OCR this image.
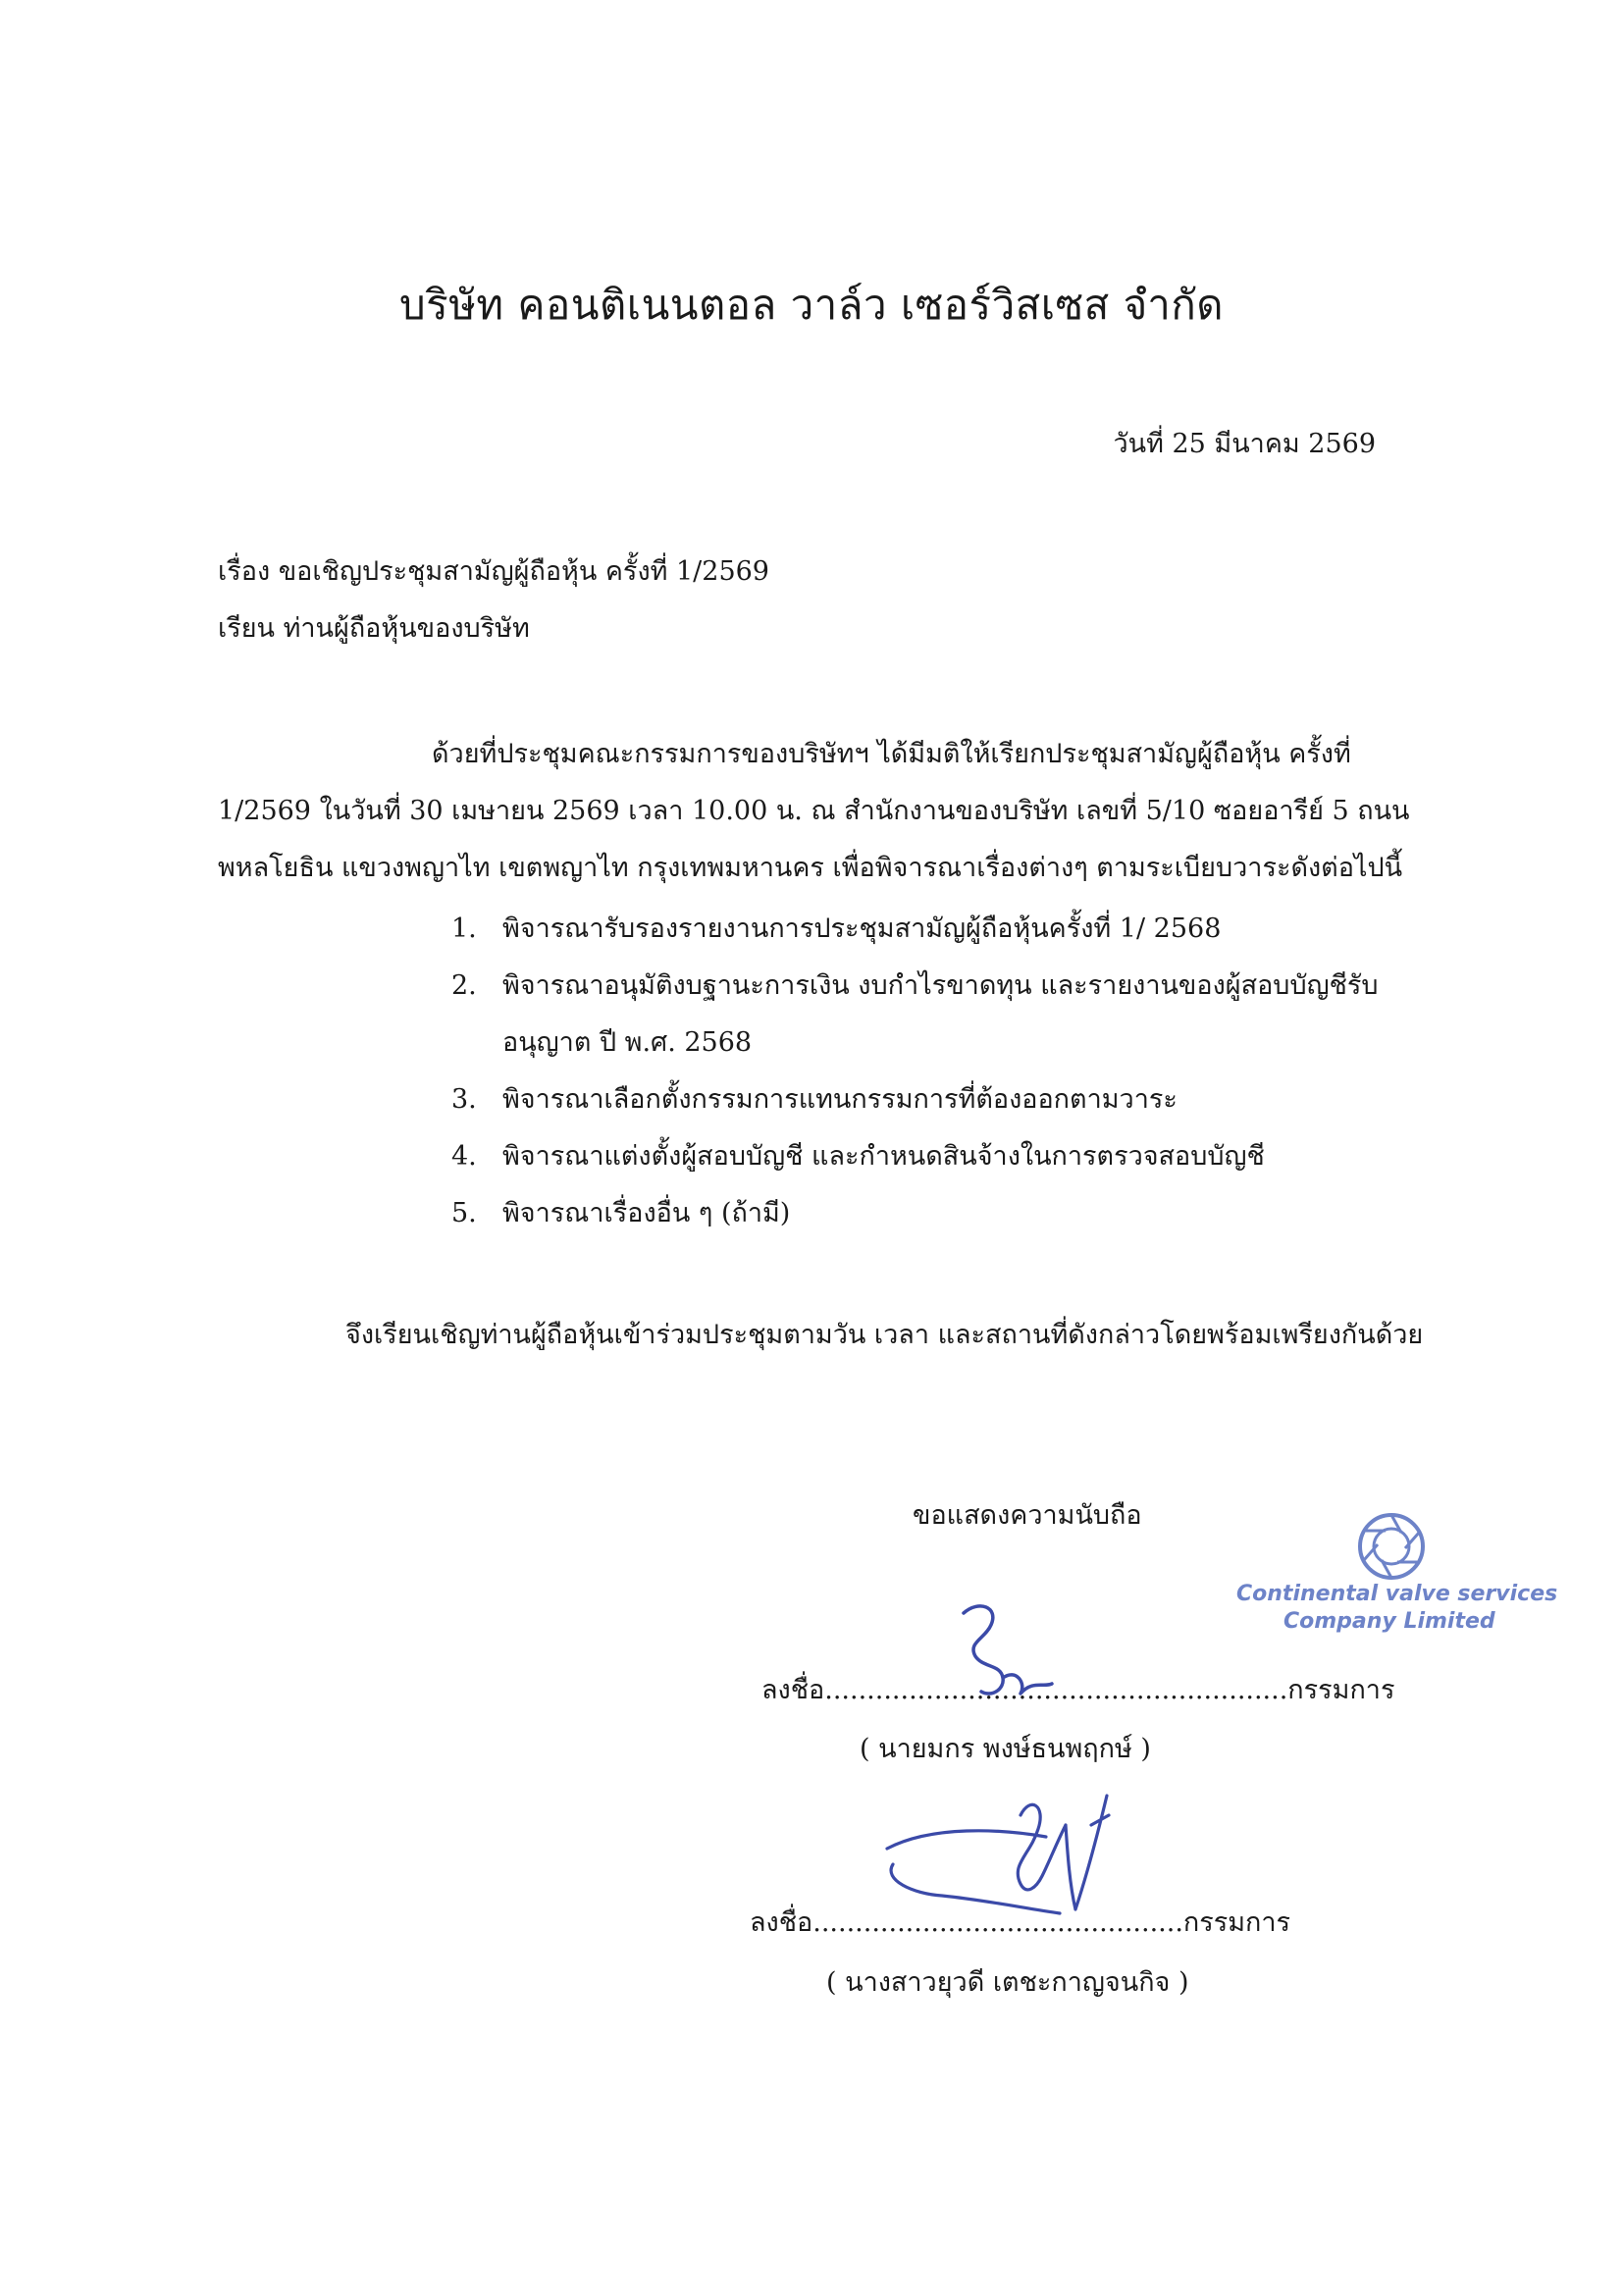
บริษัท คอนติเนนตอล วาล์ว เซอร์วิสเซส จำกัด
วันที่ 25 มีนาคม 2569
เรื่อง ขอเชิญประชุมสามัญผู้ถือหุ้น ครั้งที่ 1/2569
เรียน ท่านผู้ถือหุ้นของบริษัท
ด้วยที่ประชุมคณะกรรมการของบริษัทฯ ได้มีมติให้เรียกประชุมสามัญผู้ถือหุ้น ครั้งที่
1/2569 ในวันที่ 30 เมษายน 2569 เวลา 10.00 น. ณ สำนักงานของบริษัท เลขที่ 5/10 ซอยอารีย์ 5 ถนน
พหลโยธิน แขวงพญาไท เขตพญาไท กรุงเทพมหานคร เพื่อพิจารณาเรื่องต่างๆ ตามระเบียบวาระดังต่อไปนี้
1. พิจารณารับรองรายงานการประชุมสามัญผู้ถือหุ้นครั้งที่ 1/ 2568
2. พิจารณาอนุมัติงบฐานะการเงิน งบกำไรขาดทุน และรายงานของผู้สอบบัญชีรับ
อนุญาต ปี พ.ศ. 2568
3. พิจารณาเลือกตั้งกรรมการแทนกรรมการที่ต้องออกตามวาระ
4. พิจารณาแต่งตั้งผู้สอบบัญชี และกำหนดสินจ้างในการตรวจสอบบัญชี
5. พิจารณาเรื่องอื่น ๆ (ถ้ามี)
จึงเรียนเชิญท่านผู้ถือหุ้นเข้าร่วมประชุมตามวัน เวลา และสถานที่ดังกล่าวโดยพร้อมเพรียงกันด้วย
ขอแสดงความนับถือ
Continental valve services
Company Limited
ลงชื่อ.......................................................กรรมการ
( นายมกร พงษ์ธนพฤกษ์ )
ลงชื่อ............................................กรรมการ
( นางสาวยุวดี เตชะกาญจนกิจ )
